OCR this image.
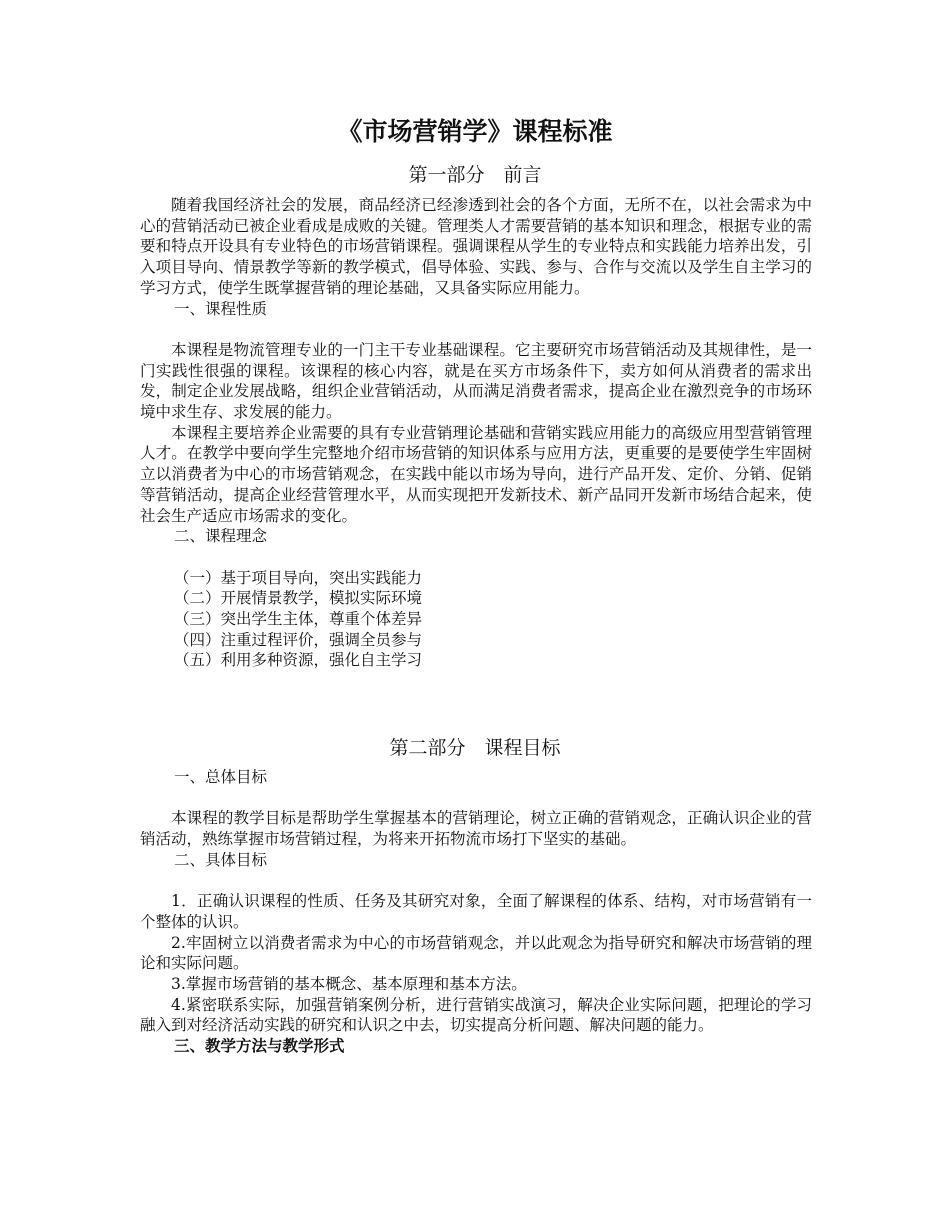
《市场营销学》课程标准
第一部分　前言

随着我国经济社会的发展，商品经济已经渗透到社会的各个方面，无所不在，以社会需求为中心的营销活动已被企业看成是成败的关键。管理类人才需要营销的基本知识和理念，根据专业的需要和特点开设具有专业特色的市场营销课程。强调课程从学生的专业特点和实践能力培养出发，引入项目导向、情景教学等新的教学模式，倡导体验、实践、参与、合作与交流以及学生自主学习的学习方式，使学生既掌握营销的理论基础，又具备实际应用能力。

一、课程性质

本课程是物流管理专业的一门主干专业基础课程。它主要研究市场营销活动及其规律性，是一门实践性很强的课程。该课程的核心内容，就是在买方市场条件下，卖方如何从消费者的需求出发，制定企业发展战略，组织企业营销活动，从而满足消费者需求，提高企业在激烈竞争的市场环境中求生存、求发展的能力。

本课程主要培养企业需要的具有专业营销理论基础和营销实践应用能力的高级应用型营销管理人才。在教学中要向学生完整地介绍市场营销的知识体系与应用方法，更重要的是要使学生牢固树立以消费者为中心的市场营销观念，在实践中能以市场为导向，进行产品开发、定价、分销、促销等营销活动，提高企业经营管理水平，从而实现把开发新技术、新产品同开发新市场结合起来，使社会生产适应市场需求的变化。

二、课程理念

（一）基于项目导向，突出实践能力

（二）开展情景教学，模拟实际环境

（三）突出学生主体，尊重个体差异

（四）注重过程评价，强调全员参与

（五）利用多种资源，强化自主学习

第二部分　课程目标

一、总体目标

本课程的教学目标是帮助学生掌握基本的营销理论，树立正确的营销观念，正确认识企业的营销活动，熟练掌握市场营销过程，为将来开拓物流市场打下坚实的基础。

二、具体目标

1．正确认识课程的性质、任务及其研究对象，全面了解课程的体系、结构，对市场营销有一个整体的认识。

2.牢固树立以消费者需求为中心的市场营销观念，并以此观念为指导研究和解决市场营销的理论和实际问题。

3.掌握市场营销的基本概念、基本原理和基本方法。

4.紧密联系实际，加强营销案例分析，进行营销实战演习，解决企业实际问题，把理论的学习融入到对经济活动实践的研究和认识之中去，切实提高分析问题、解决问题的能力。

三、教学方法与教学形式
